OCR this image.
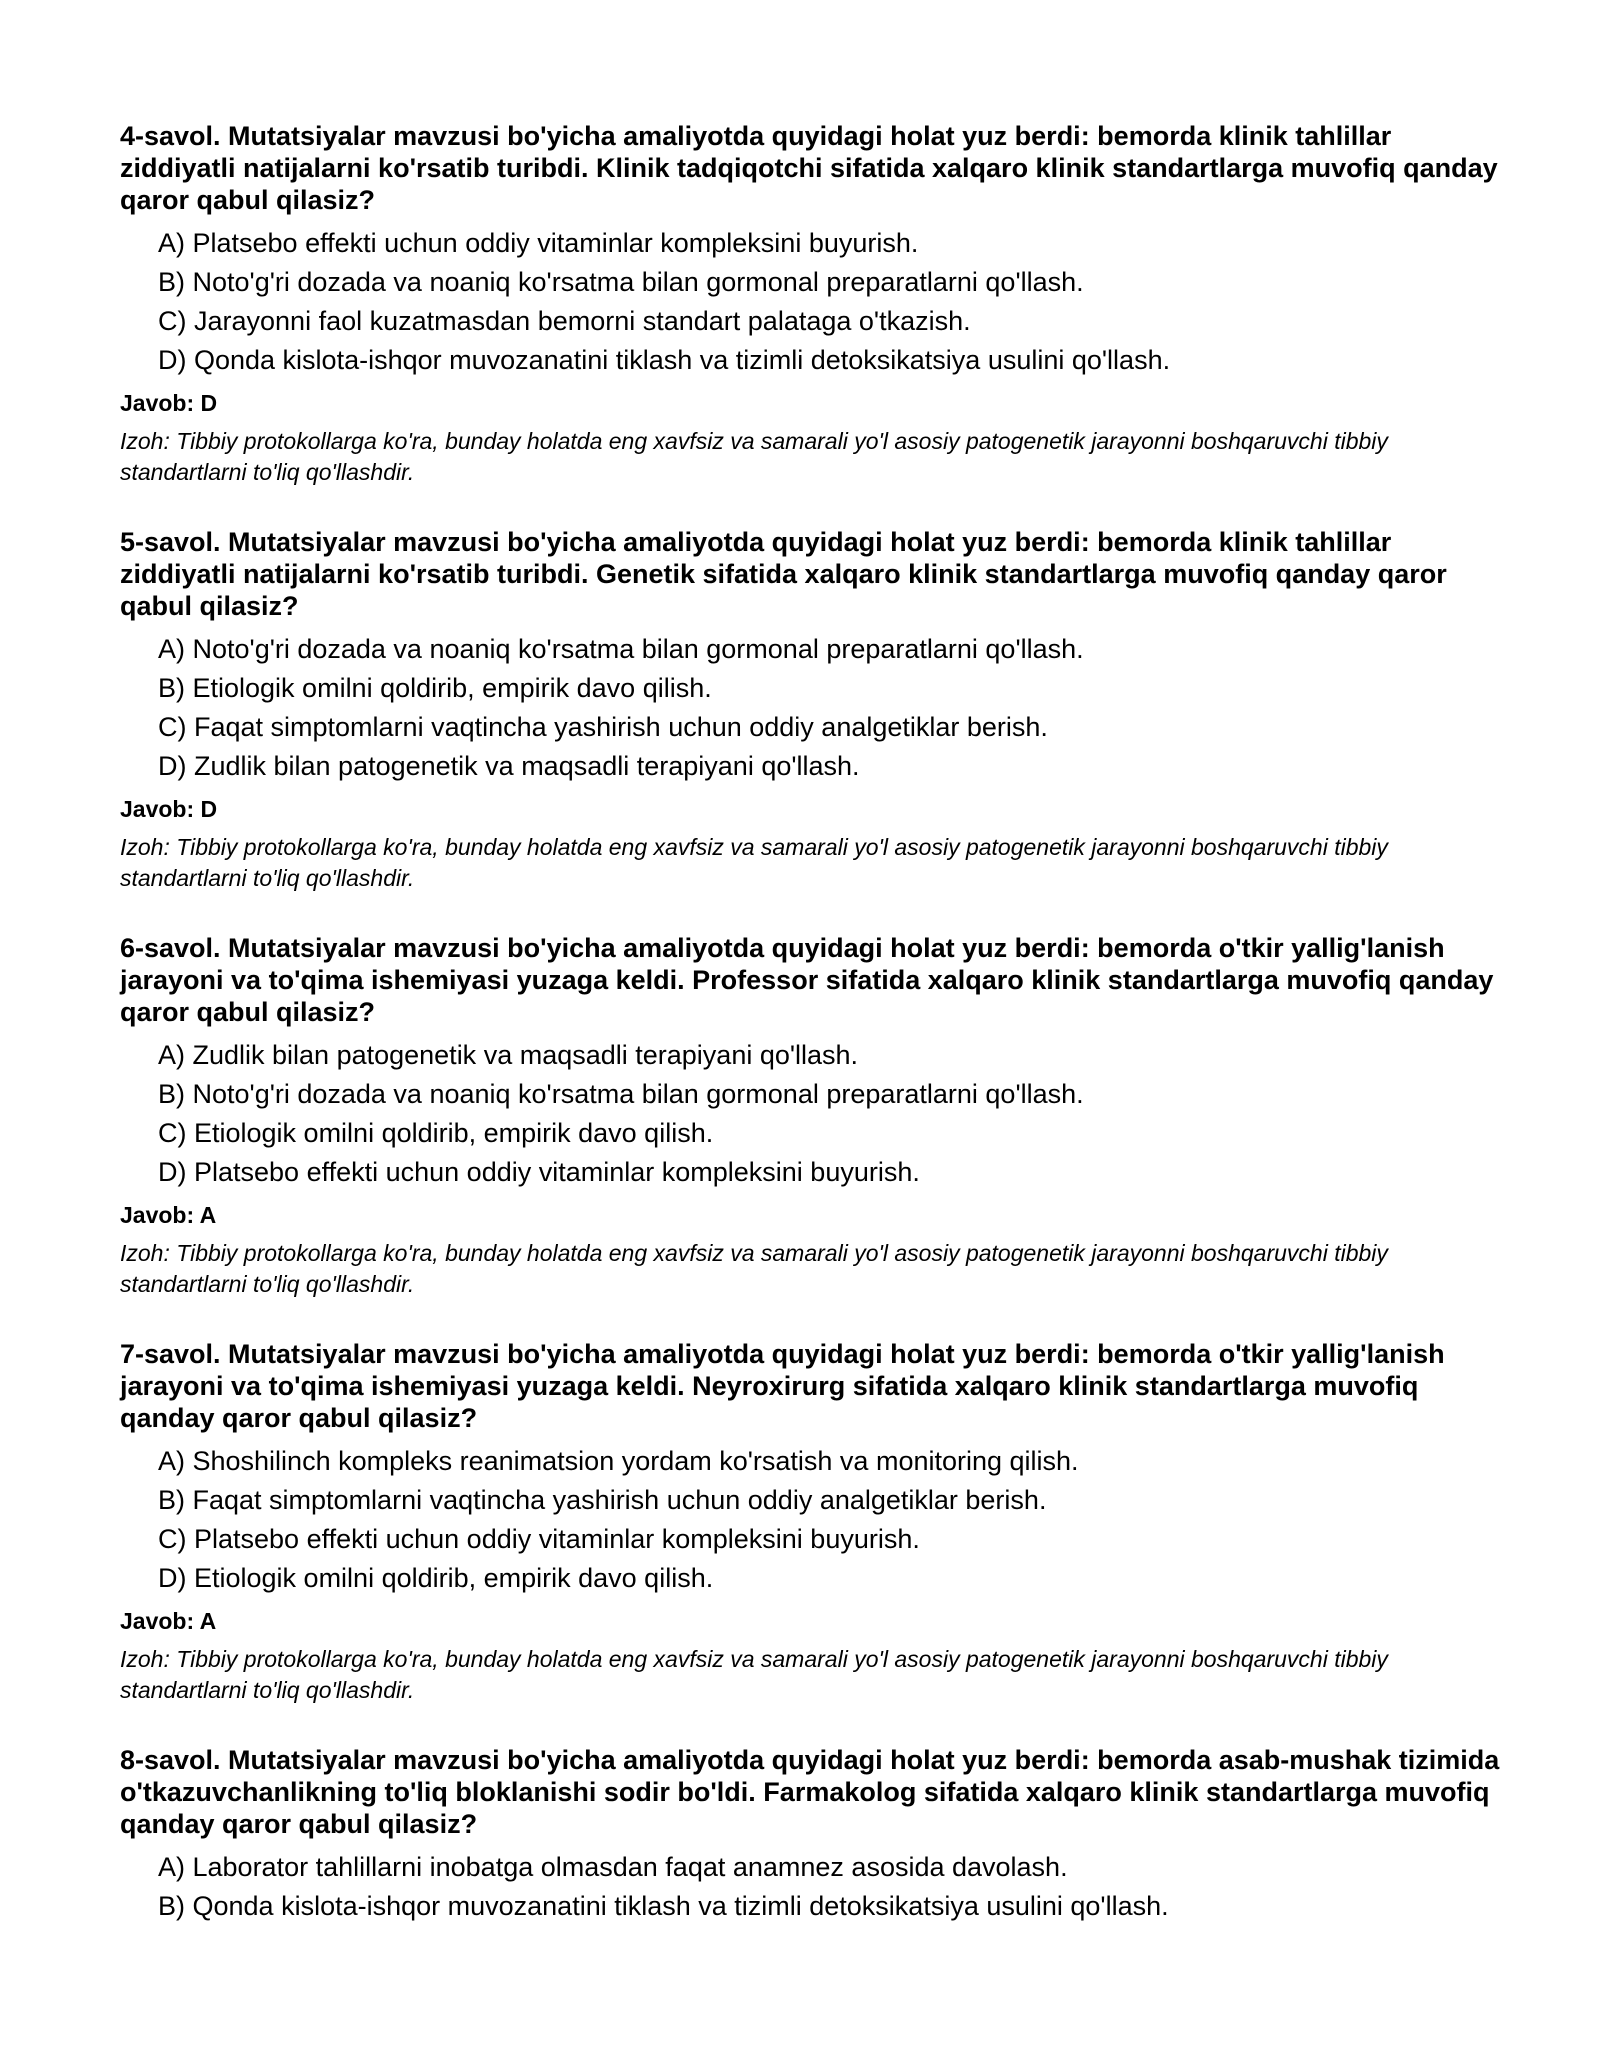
4-savol. Mutatsiyalar mavzusi bo'yicha amaliyotda quyidagi holat yuz berdi: bemorda klinik tahlillar ziddiyatli natijalarni ko'rsatib turibdi. Klinik tadqiqotchi sifatida xalqaro klinik standartlarga muvofiq qanday qaror qabul qilasiz?
A) Platsebo effekti uchun oddiy vitaminlar kompleksini buyurish.
B) Noto'g'ri dozada va noaniq ko'rsatma bilan gormonal preparatlarni qo'llash.
C) Jarayonni faol kuzatmasdan bemorni standart palataga o'tkazish.
D) Qonda kislota-ishqor muvozanatini tiklash va tizimli detoksikatsiya usulini qo'llash.
Javob: D
Izoh: Tibbiy protokollarga ko'ra, bunday holatda eng xavfsiz va samarali yo'l asosiy patogenetik jarayonni boshqaruvchi tibbiy standartlarni to'liq qo'llashdir.
5-savol. Mutatsiyalar mavzusi bo'yicha amaliyotda quyidagi holat yuz berdi: bemorda klinik tahlillar ziddiyatli natijalarni ko'rsatib turibdi. Genetik sifatida xalqaro klinik standartlarga muvofiq qanday qaror qabul qilasiz?
A) Noto'g'ri dozada va noaniq ko'rsatma bilan gormonal preparatlarni qo'llash.
B) Etiologik omilni qoldirib, empirik davo qilish.
C) Faqat simptomlarni vaqtincha yashirish uchun oddiy analgetiklar berish.
D) Zudlik bilan patogenetik va maqsadli terapiyani qo'llash.
Javob: D
Izoh: Tibbiy protokollarga ko'ra, bunday holatda eng xavfsiz va samarali yo'l asosiy patogenetik jarayonni boshqaruvchi tibbiy standartlarni to'liq qo'llashdir.
6-savol. Mutatsiyalar mavzusi bo'yicha amaliyotda quyidagi holat yuz berdi: bemorda o'tkir yallig'lanish jarayoni va to'qima ishemiyasi yuzaga keldi. Professor sifatida xalqaro klinik standartlarga muvofiq qanday qaror qabul qilasiz?
A) Zudlik bilan patogenetik va maqsadli terapiyani qo'llash.
B) Noto'g'ri dozada va noaniq ko'rsatma bilan gormonal preparatlarni qo'llash.
C) Etiologik omilni qoldirib, empirik davo qilish.
D) Platsebo effekti uchun oddiy vitaminlar kompleksini buyurish.
Javob: A
Izoh: Tibbiy protokollarga ko'ra, bunday holatda eng xavfsiz va samarali yo'l asosiy patogenetik jarayonni boshqaruvchi tibbiy standartlarni to'liq qo'llashdir.
7-savol. Mutatsiyalar mavzusi bo'yicha amaliyotda quyidagi holat yuz berdi: bemorda o'tkir yallig'lanish jarayoni va to'qima ishemiyasi yuzaga keldi. Neyroxirurg sifatida xalqaro klinik standartlarga muvofiq qanday qaror qabul qilasiz?
A) Shoshilinch kompleks reanimatsion yordam ko'rsatish va monitoring qilish.
B) Faqat simptomlarni vaqtincha yashirish uchun oddiy analgetiklar berish.
C) Platsebo effekti uchun oddiy vitaminlar kompleksini buyurish.
D) Etiologik omilni qoldirib, empirik davo qilish.
Javob: A
Izoh: Tibbiy protokollarga ko'ra, bunday holatda eng xavfsiz va samarali yo'l asosiy patogenetik jarayonni boshqaruvchi tibbiy standartlarni to'liq qo'llashdir.
8-savol. Mutatsiyalar mavzusi bo'yicha amaliyotda quyidagi holat yuz berdi: bemorda asab-mushak tizimida o'tkazuvchanlikning to'liq bloklanishi sodir bo'ldi. Farmakolog sifatida xalqaro klinik standartlarga muvofiq qanday qaror qabul qilasiz?
A) Laborator tahlillarni inobatga olmasdan faqat anamnez asosida davolash.
B) Qonda kislota-ishqor muvozanatini tiklash va tizimli detoksikatsiya usulini qo'llash.
